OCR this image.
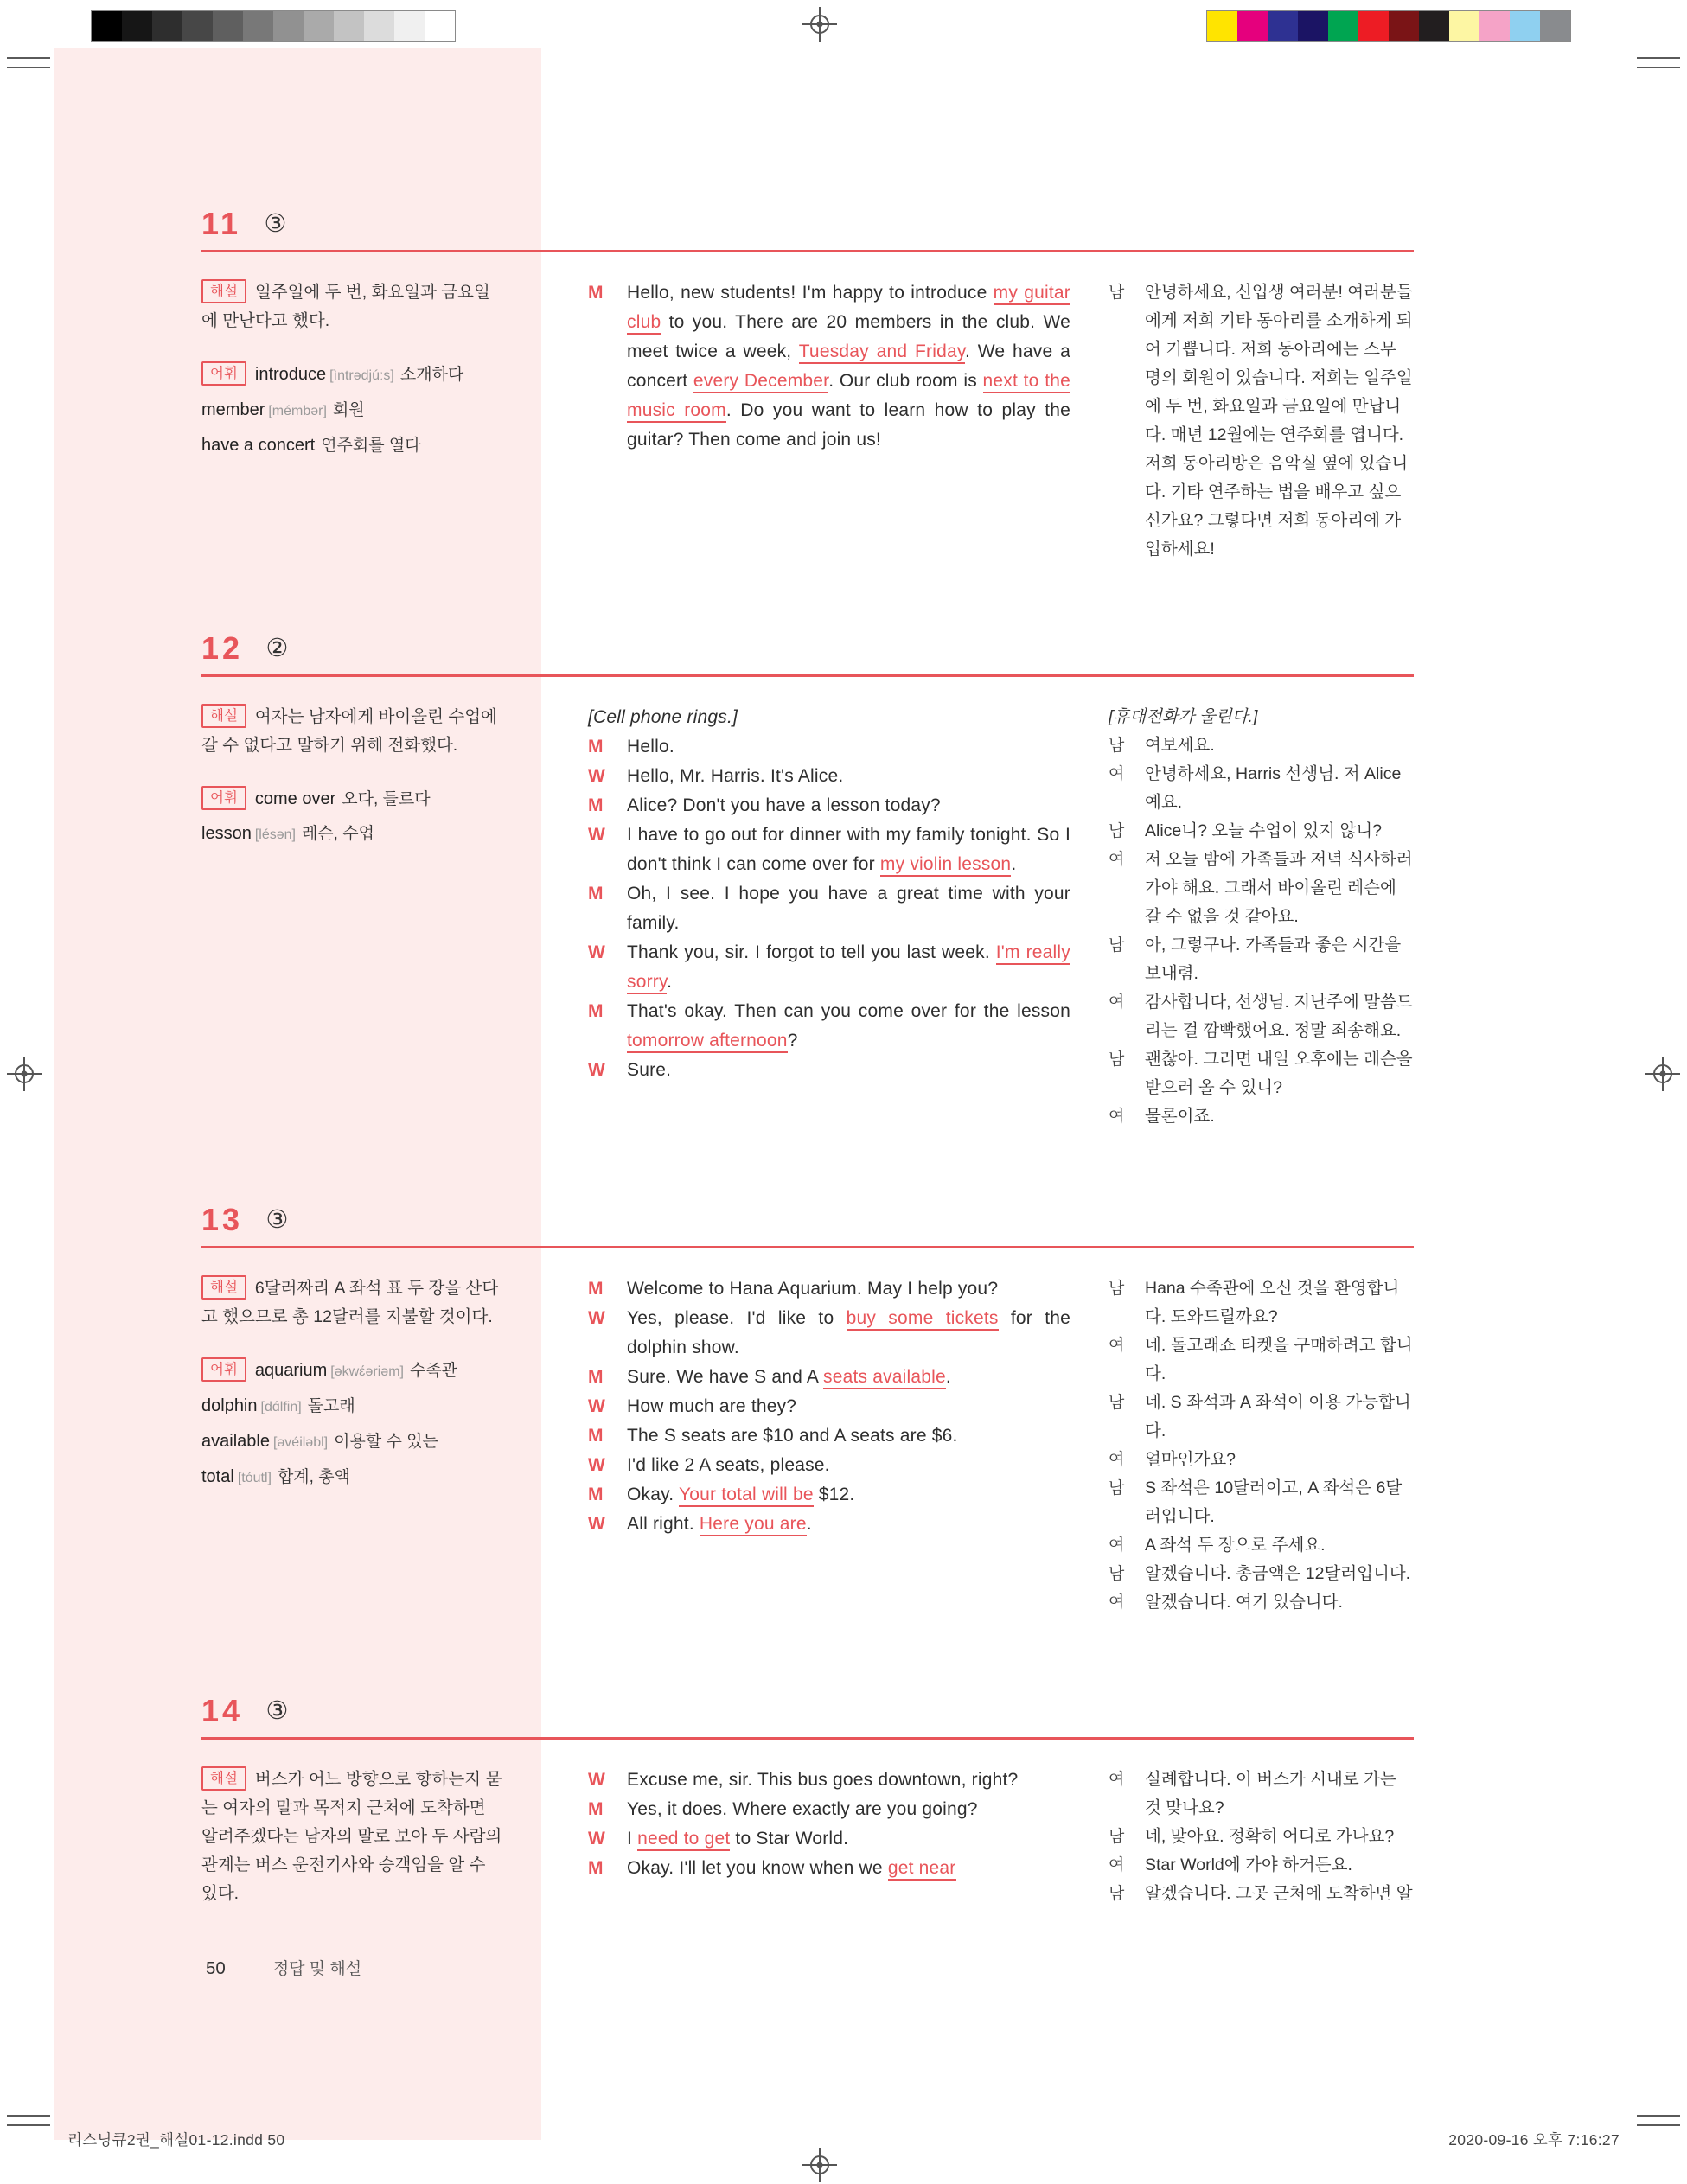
11 ③

해설 일주일에 두 번, 화요일과 금요일에 만난다고 했다.

어휘 introduce [ìntrədjúːs] 소개하다
member [mémbər] 회원
have a concert 연주회를 열다
M	Hello, new students! I'm happy to introduce my guitar club to you. There are 20 members in the club. We meet twice a week, Tuesday and Friday. We have a concert every December. Our club room is next to the music room. Do you want to learn how to play the guitar? Then come and join us!
남	안녕하세요, 신입생 여러분! 여러분들에게 저희 기타 동아리를 소개하게 되어 기쁩니다. 저희 동아리에는 스무 명의 회원이 있습니다. 저희는 일주일에 두 번, 화요일과 금요일에 만납니다. 매년 12월에는 연주회를 엽니다. 저희 동아리방은 음악실 옆에 있습니다. 기타 연주하는 법을 배우고 싶으신가요? 그렇다면 저희 동아리에 가입하세요!
12 ②

해설 여자는 남자에게 바이올린 수업에 갈 수 없다고 말하기 위해 전화했다.

어휘 come over 오다, 들르다
lesson [lésən] 레슨, 수업
[Cell phone rings.]
M	Hello.
W	Hello, Mr. Harris. It's Alice.
M	Alice? Don't you have a lesson today?
W	I have to go out for dinner with my family tonight. So I don't think I can come over for my violin lesson.
M	Oh, I see. I hope you have a great time with your family.
W	Thank you, sir. I forgot to tell you last week. I'm really sorry.
M	That's okay. Then can you come over for the lesson tomorrow afternoon?
W	Sure.
[휴대전화가 울린다.]
남	여보세요.
여	안녕하세요, Harris 선생님. 저 Alice예요.
남	Alice니? 오늘 수업이 있지 않니?
여	저 오늘 밤에 가족들과 저녁 식사하러 가야 해요. 그래서 바이올린 레슨에 갈 수 없을 것 같아요.
남	아, 그렇구나. 가족들과 좋은 시간을 보내렴.
여	감사합니다, 선생님. 지난주에 말씀드리는 걸 깜빡했어요. 정말 죄송해요.
남	괜찮아. 그러면 내일 오후에는 레슨을 받으러 올 수 있니?
여	물론이죠.
13 ③

해설 6달러짜리 A 좌석 표 두 장을 산다고 했으므로 총 12달러를 지불할 것이다.

어휘 aquarium [əkwɛ́əriəm] 수족관
dolphin [dɑ́lfin] 돌고래
available [əvéiləbl] 이용할 수 있는
total [tóutl] 합계, 총액
M	Welcome to Hana Aquarium. May I help you?
W	Yes, please. I'd like to buy some tickets for the dolphin show.
M	Sure. We have S and A seats available.
W	How much are they?
M	The S seats are $10 and A seats are $6.
W	I'd like 2 A seats, please.
M	Okay. Your total will be $12.
W	All right. Here you are.
남	Hana 수족관에 오신 것을 환영합니다. 도와드릴까요?
여	네. 돌고래쇼 티켓을 구매하려고 합니다.
남	네. S 좌석과 A 좌석이 이용 가능합니다.
여	얼마인가요?
남	S 좌석은 10달러이고, A 좌석은 6달러입니다.
여	A 좌석 두 장으로 주세요.
남	알겠습니다. 총금액은 12달러입니다.
여	알겠습니다. 여기 있습니다.
14 ③

해설 버스가 어느 방향으로 향하는지 묻는 여자의 말과 목적지 근처에 도착하면 알려주겠다는 남자의 말로 보아 두 사람의 관계는 버스 운전기사와 승객임을 알 수 있다.

W	Excuse me, sir. This bus goes downtown, right?
M	Yes, it does. Where exactly are you going?
W	I need to get to Star World.
M	Okay. I'll let you know when we get near
여	실례합니다. 이 버스가 시내로 가는 것 맞나요?
남	네, 맞아요. 정확히 어디로 가나요?
여	Star World에 가야 하거든요.
남	알겠습니다. 그곳 근처에 도착하면 알
50	정답 및 해설
리스닝큐2권_해설01-12.indd 50	2020-09-16 오후 7:16:27
